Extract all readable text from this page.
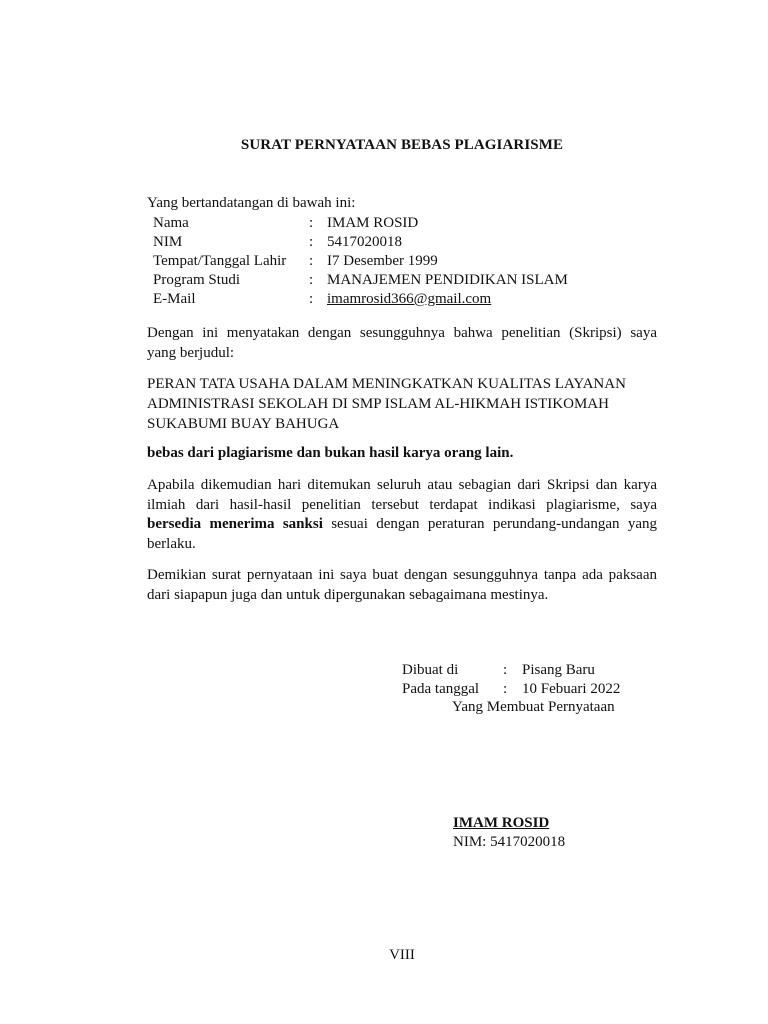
SURAT PERNYATAAN BEBAS PLAGIARISME
Yang bertandatangan di bawah ini:
Nama	:	IMAM ROSID
NIM	:	5417020018
Tempat/Tanggal Lahir	:	I7 Desember 1999
Program Studi	:	MANAJEMEN PENDIDIKAN ISLAM
E-Mail	:	imamrosid366@gmail.com
Dengan ini menyatakan dengan sesungguhnya bahwa penelitian (Skripsi) saya
yang berjudul:
PERAN TATA USAHA DALAM MENINGKATKAN KUALITAS LAYANAN
ADMINISTRASI SEKOLAH DI SMP ISLAM AL-HIKMAH ISTIKOMAH
SUKABUMI BUAY BAHUGA
bebas dari plagiarisme dan bukan hasil karya orang lain.
Apabila dikemudian hari ditemukan seluruh atau sebagian dari Skripsi dan karya
ilmiah dari hasil-hasil penelitian tersebut terdapat indikasi plagiarisme, saya
bersedia menerima sanksi sesuai dengan peraturan perundang-undangan yang
berlaku.
Demikian surat pernyataan ini saya buat dengan sesungguhnya tanpa ada paksaan
dari siapapun juga dan untuk dipergunakan sebagaimana mestinya.
Dibuat di	:	Pisang Baru
Pada tanggal	:	10 Febuari 2022
Yang Membuat Pernyataan
IMAM ROSID
NIM: 5417020018
VIII
